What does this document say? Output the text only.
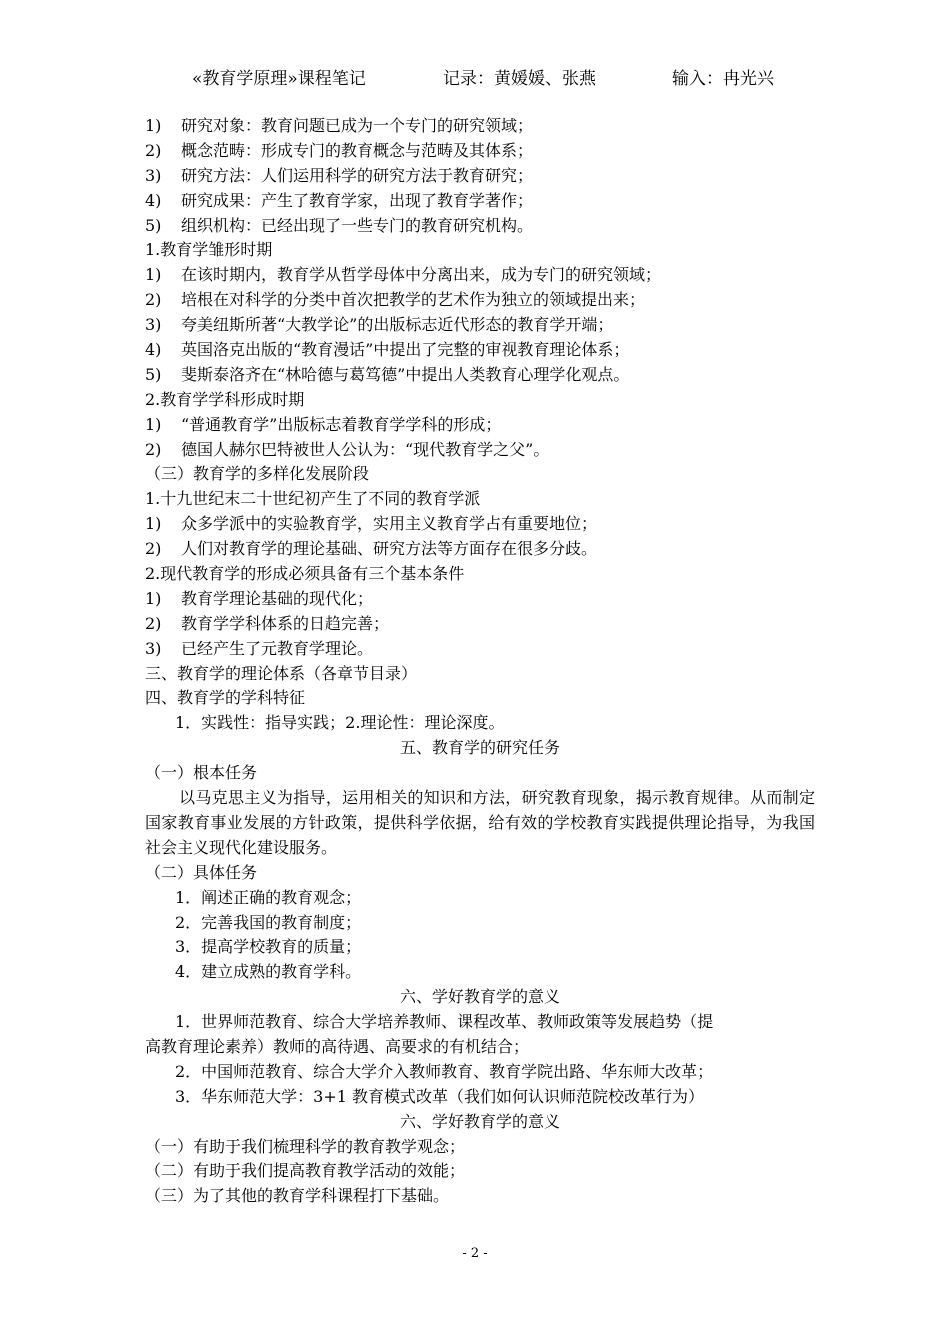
«教育学原理»课程笔记	记录：黄媛媛、张燕	输入：冉光兴
1) 研究对象：教育问题已成为一个专门的研究领域；
2) 概念范畴：形成专门的教育概念与范畴及其体系；
3) 研究方法：人们运用科学的研究方法于教育研究；
4) 研究成果：产生了教育学家，出现了教育学著作；
5) 组织机构：已经出现了一些专门的教育研究机构。
1.教育学雏形时期
1) 在该时期内，教育学从哲学母体中分离出来，成为专门的研究领域；
2) 培根在对科学的分类中首次把教学的艺术作为独立的领域提出来；
3) 夸美纽斯所著“大教学论”的出版标志近代形态的教育学开端；
4) 英国洛克出版的“教育漫话”中提出了完整的审视教育理论体系；
5) 斐斯泰洛齐在“林哈德与葛笃德”中提出人类教育心理学化观点。
2.教育学学科形成时期
1) “普通教育学”出版标志着教育学学科的形成；
2) 德国人赫尔巴特被世人公认为：“现代教育学之父”。
（三）教育学的多样化发展阶段
1.十九世纪末二十世纪初产生了不同的教育学派
1) 众多学派中的实验教育学，实用主义教育学占有重要地位；
2) 人们对教育学的理论基础、研究方法等方面存在很多分歧。
2.现代教育学的形成必须具备有三个基本条件
1) 教育学理论基础的现代化；
2) 教育学学科体系的日趋完善；
3) 已经产生了元教育学理论。
三、教育学的理论体系（各章节目录）
四、教育学的学科特征
1．实践性：指导实践；2.理论性：理论深度。
五、教育学的研究任务
（一）根本任务
以马克思主义为指导，运用相关的知识和方法，研究教育现象，揭示教育规律。从而制定国家教育事业发展的方针政策，提供科学依据，给有效的学校教育实践提供理论指导，为我国社会主义现代化建设服务。
（二）具体任务
1．阐述正确的教育观念；
2．完善我国的教育制度；
3．提高学校教育的质量；
4．建立成熟的教育学科。
六、学好教育学的意义
1．世界师范教育、综合大学培养教师、课程改革、教师政策等发展趋势（提
高教育理论素养）教师的高待遇、高要求的有机结合；
2．中国师范教育、综合大学介入教师教育、教育学院出路、华东师大改革；
3．华东师范大学：3+1 教育模式改革（我们如何认识师范院校改革行为）
六、学好教育学的意义
（一）有助于我们梳理科学的教育教学观念；
（二）有助于我们提高教育教学活动的效能；
（三）为了其他的教育学科课程打下基础。
- 2 -
